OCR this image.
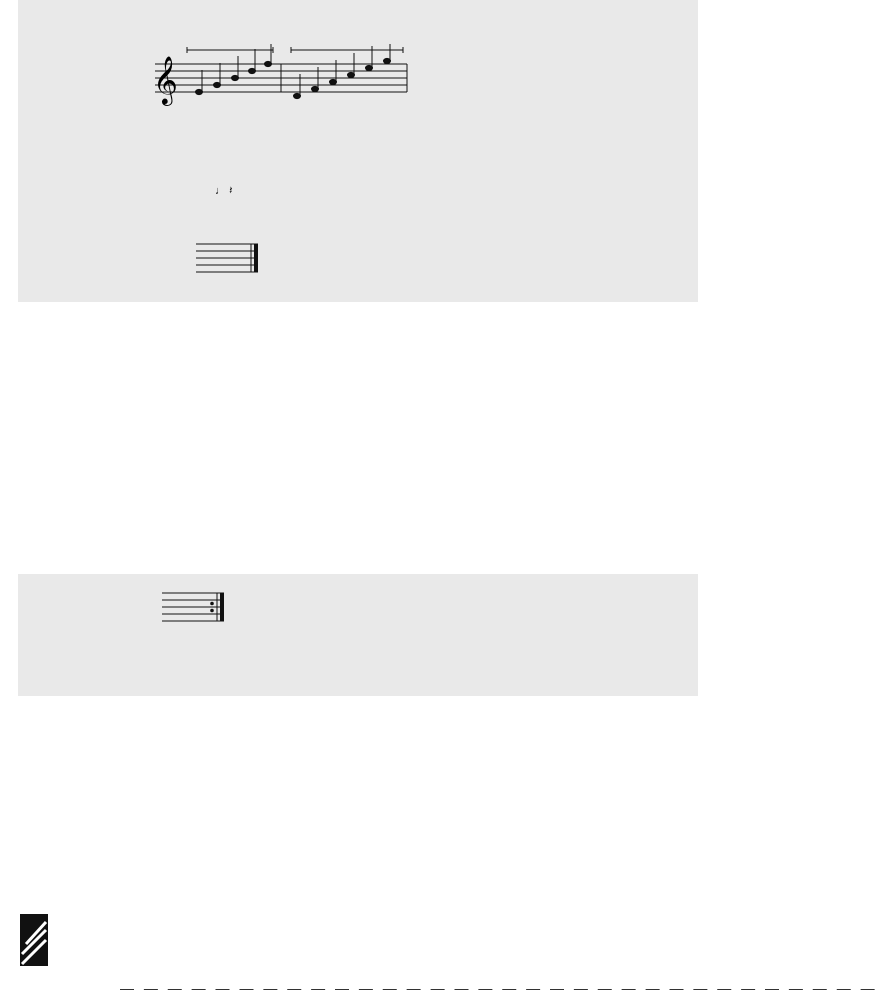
𝄞
♩ 𝄽

— — — — — — — — — — — — — — — — — — — — — — — — — — — — — — — —
